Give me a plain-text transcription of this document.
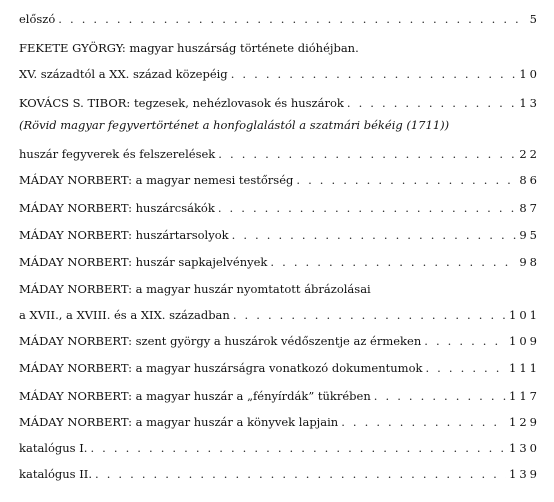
előszó . . .	5
FEKETE GYÖRGY: magyar huszárság története dióhéjban.
XV. századtól a XX. század közepéig . . .	10
KOVÁCS S. TIBOR: tegzesek, nehézlovasok és huszárok . . .	13
(Rövid magyar fegyvertörténet a honfoglalástól a szatmári békéig (1711))
huszár fegyverek és felszerelések . . .	22
MÁDAY NORBERT: a magyar nemesi testőrség . . .	86
MÁDAY NORBERT: huszárcsákók . . .	87
MÁDAY NORBERT: huszártarsolyok . . .	95
MÁDAY NORBERT: huszár sapkajelvények . . .	98
MÁDAY NORBERT: a magyar huszár nyomtatott ábrázolásai
a XVII., a XVIII. és a XIX. században . . .	101
MÁDAY NORBERT: szent györgy a huszárok védőszentje az érmeken . . .	109
MÁDAY NORBERT: a magyar huszárságra vonatkozó dokumentumok . . .	111
MÁDAY NORBERT: a magyar huszár a „fényírdák” tükrében . . .	117
MÁDAY NORBERT: a magyar huszár a könyvek lapjain . . .	129
katalógus I. . . .	130
katalógus II. . . .	139
